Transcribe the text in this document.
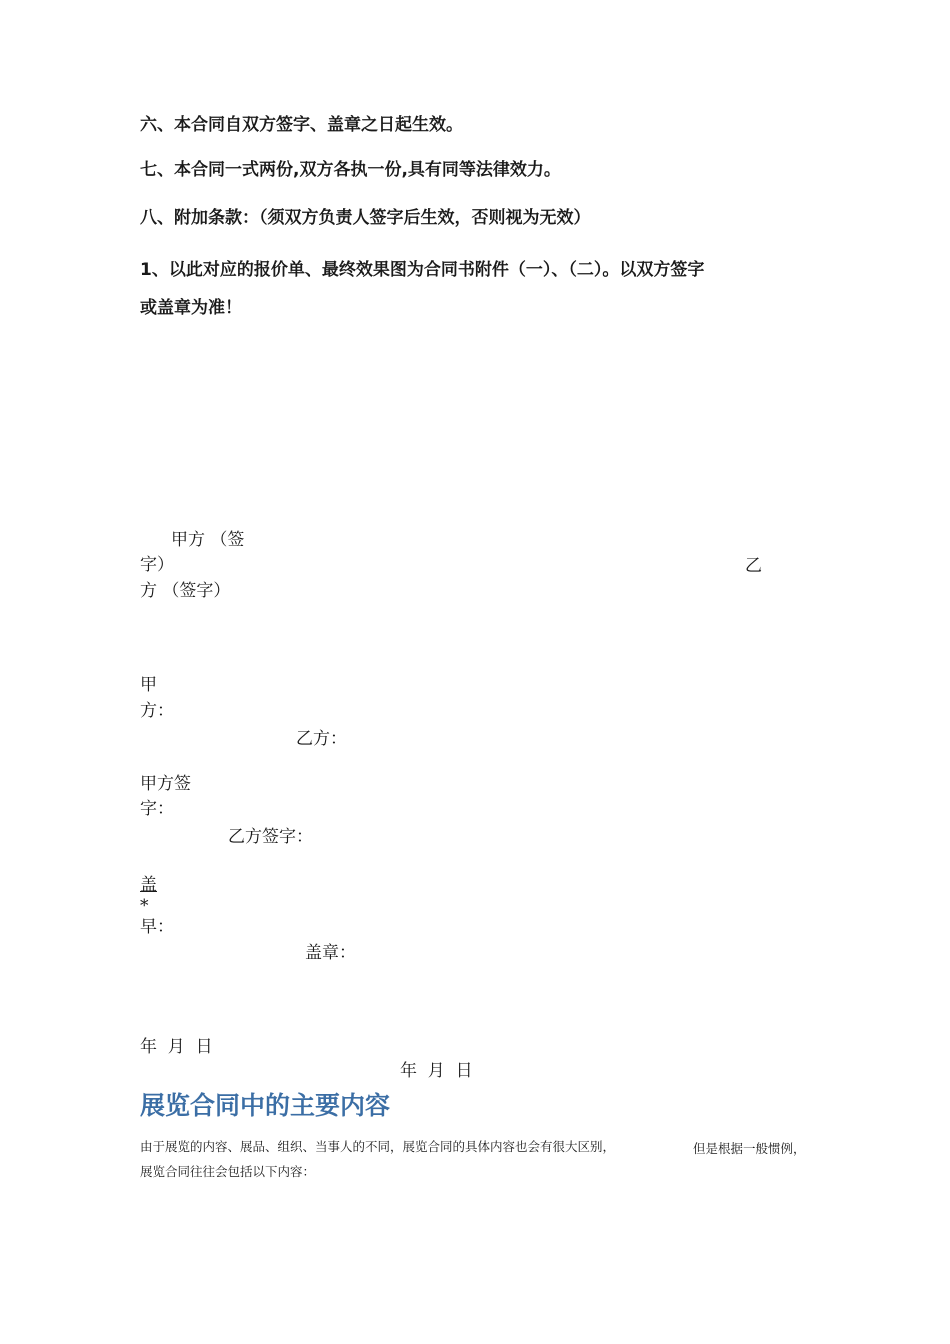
六、本合同自双方签字、盖章之日起生效。
七、本合同一式两份,双方各执一份,具有同等法律效力。
八、附加条款：（须双方负责人签字后生效，否则视为无效）
1、以此对应的报价单、最终效果图为合同书附件（一）、（二）。以双方签字
或盖章为准！
甲方 （签
字）	乙
方 （签字）
甲
方：
乙方：
甲方签
字：
乙方签字：
盖
*
早：
盖章：
年  月  日
年  月  日
展览合同中的主要内容
由于展览的内容、展品、组织、当事人的不同，展览合同的具体内容也会有很大区别，	但是根据一般惯例，
展览合同往往会包括以下内容：
